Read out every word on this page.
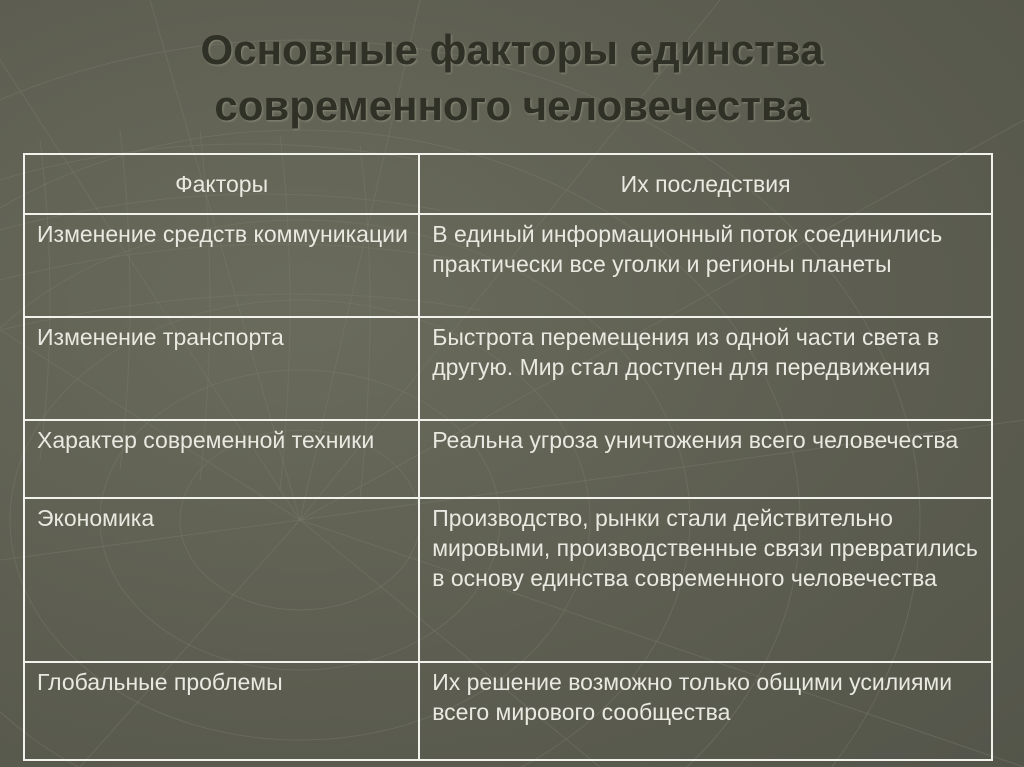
Основные факторы единства
современного человечества
Факторы	Их последствия
Изменение средств коммуникации	В единый информационный поток соединились практически все уголки и регионы планеты
Изменение транспорта	Быстрота перемещения из одной части света в другую. Мир стал доступен для передвижения
Характер современной техники	Реальна угроза уничтожения всего человечества
Экономика	Производство, рынки стали действительно мировыми, производственные связи превратились в основу единства современного человечества
Глобальные проблемы	Их решение возможно только общими усилиями всего мирового сообщества
